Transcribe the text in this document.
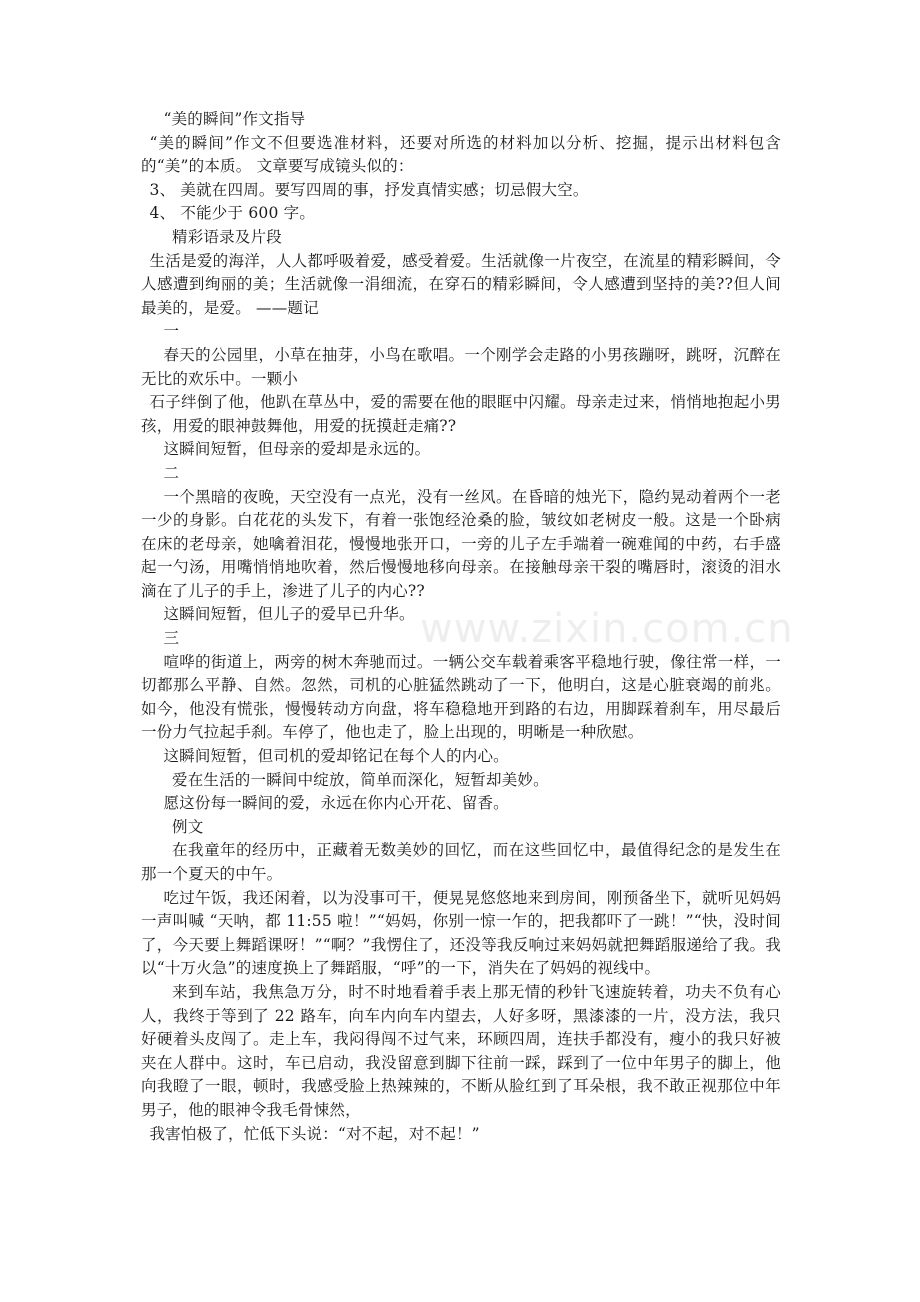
“美的瞬间”作文指导

“美的瞬间”作文不但要选准材料，还要对所选的材料加以分析、挖掘，提示出材料包含的“美”的本质。 文章要写成镜头似的：

3、 美就在四周。要写四周的事，抒发真情实感；切忌假大空。

4、 不能少于 600 字。

精彩语录及片段

生活是爱的海洋，人人都呼吸着爱，感受着爱。生活就像一片夜空，在流星的精彩瞬间，令人感遭到绚丽的美；生活就像一涓细流，在穿石的精彩瞬间，令人感遭到坚持的美??但人间最美的，是爱。 ——题记

一

春天的公园里，小草在抽芽，小鸟在歌唱。一个刚学会走路的小男孩蹦呀，跳呀，沉醉在无比的欢乐中。一颗小

石子绊倒了他，他趴在草丛中，爱的需要在他的眼眶中闪耀。母亲走过来，悄悄地抱起小男孩，用爱的眼神鼓舞他，用爱的抚摸赶走痛??

这瞬间短暂，但母亲的爱却是永远的。

二

一个黑暗的夜晚，天空没有一点光，没有一丝风。在昏暗的烛光下，隐约晃动着两个一老一少的身影。白花花的头发下，有着一张饱经沧桑的脸，皱纹如老树皮一般。这是一个卧病在床的老母亲，她噙着泪花，慢慢地张开口，一旁的儿子左手端着一碗难闻的中药，右手盛起一勺汤，用嘴悄悄地吹着，然后慢慢地移向母亲。在接触母亲干裂的嘴唇时，滚烫的泪水滴在了儿子的手上，渗进了儿子的内心??

这瞬间短暂，但儿子的爱早已升华。

三

喧哗的街道上，两旁的树木奔驰而过。一辆公交车载着乘客平稳地行驶，像往常一样，一切都那么平静、自然。忽然，司机的心脏猛然跳动了一下，他明白，这是心脏衰竭的前兆。如今，他没有慌张，慢慢转动方向盘，将车稳稳地开到路的右边，用脚踩着刹车，用尽最后一份力气拉起手刹。车停了，他也走了，脸上出现的，明晰是一种欣慰。

这瞬间短暂，但司机的爱却铭记在每个人的内心。

爱在生活的一瞬间中绽放，简单而深化，短暂却美妙。

愿这份每一瞬间的爱，永远在你内心开花、留香。

例文

在我童年的经历中，正藏着无数美妙的回忆，而在这些回忆中，最值得纪念的是发生在那一个夏天的中午。

吃过午饭，我还闲着，以为没事可干，便晃晃悠悠地来到房间，刚预备坐下，就听见妈妈一声叫喊 “天呐，都 11:55 啦！”“妈妈，你别一惊一乍的，把我都吓了一跳！”“快，没时间了，今天要上舞蹈课呀！”“啊？”我愣住了，还没等我反响过来妈妈就把舞蹈服递给了我。我以“十万火急”的速度换上了舞蹈服，“呼”的一下，消失在了妈妈的视线中。

来到车站，我焦急万分，时不时地看着手表上那无情的秒针飞速旋转着，功夫不负有心人，我终于等到了 22 路车，向车内向车内望去，人好多呀，黑漆漆的一片，没方法，我只好硬着头皮闯了。走上车，我闷得闯不过气来，环顾四周，连扶手都没有，瘦小的我只好被夹在人群中。这时，车已启动，我没留意到脚下往前一踩，踩到了一位中年男子的脚上，他向我瞪了一眼，顿时，我感受脸上热辣辣的，不断从脸红到了耳朵根，我不敢正视那位中年男子，他的眼神令我毛骨悚然，

我害怕极了，忙低下头说：“对不起，对不起！”

www.zixin.com.cn
